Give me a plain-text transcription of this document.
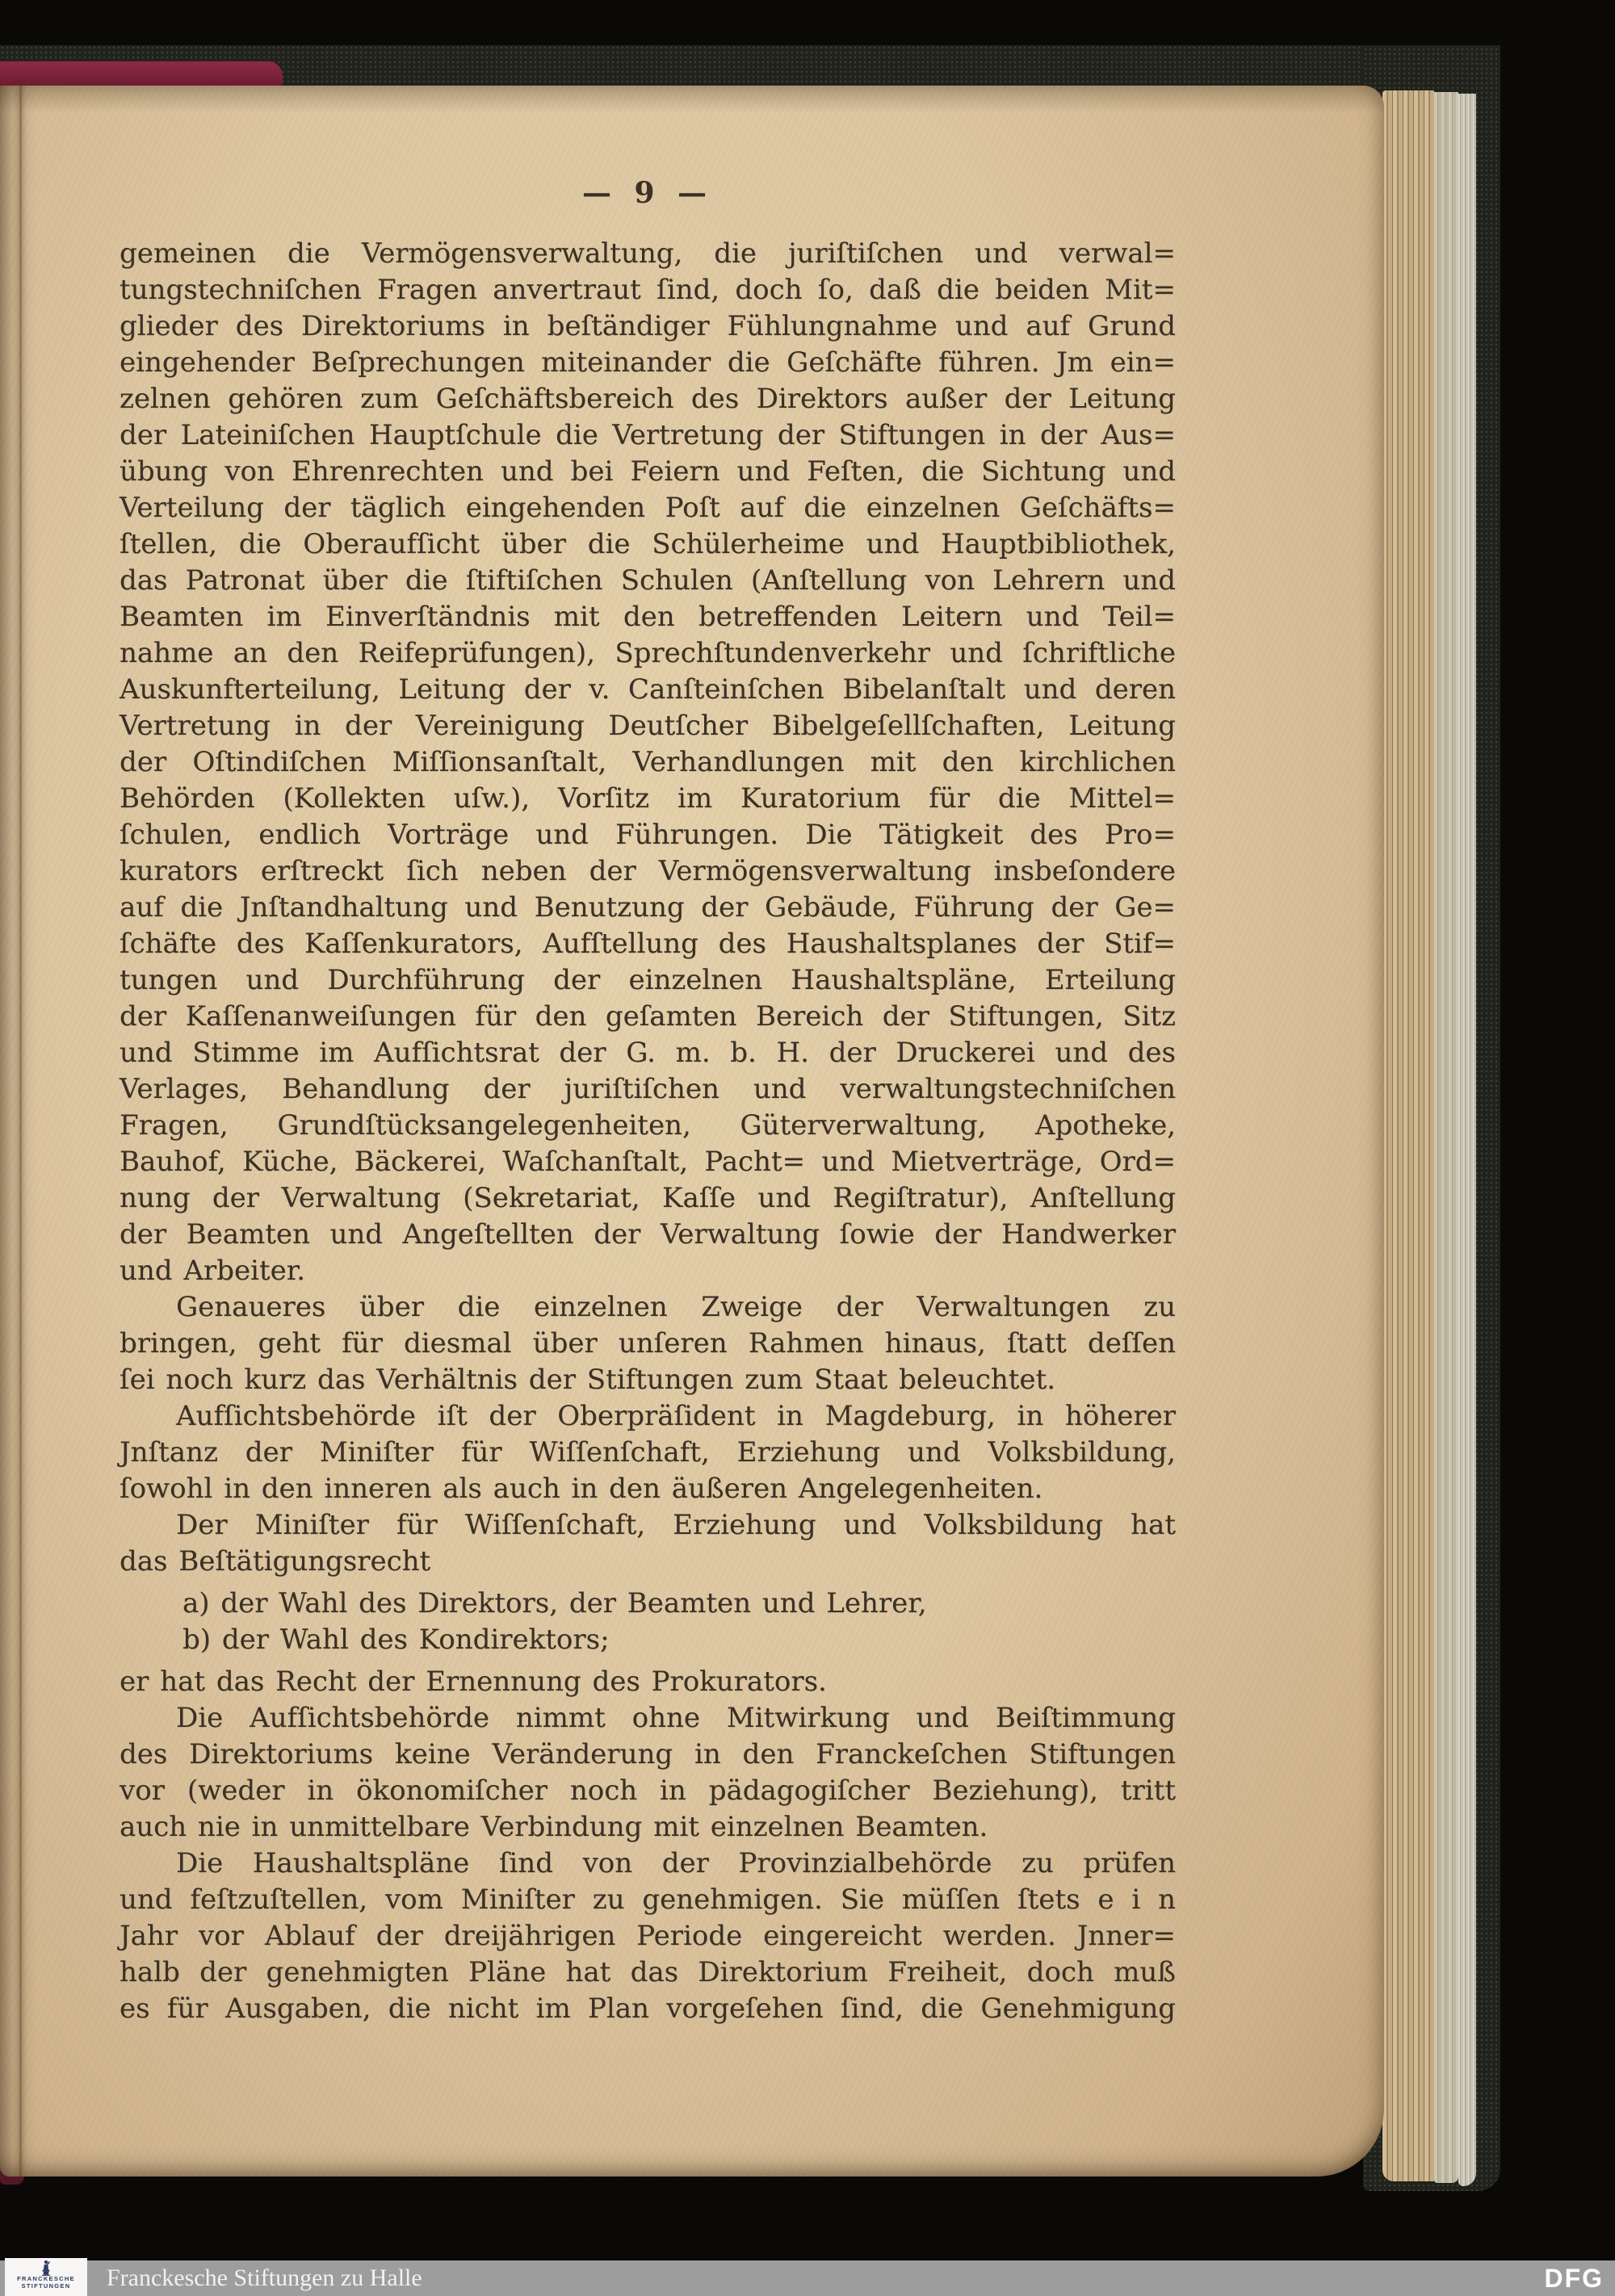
— 9 —
gemeinen die Vermögensverwaltung, die juriſtiſchen und verwal=
tungstechniſchen Fragen anvertraut ſind, doch ſo, daß die beiden Mit=
glieder des Direktoriums in beſtändiger Fühlungnahme und auf Grund
eingehender Beſprechungen miteinander die Geſchäfte führen. Jm ein=
zelnen gehören zum Geſchäftsbereich des Direktors außer der Leitung
der Lateiniſchen Hauptſchule die Vertretung der Stiftungen in der Aus=
übung von Ehrenrechten und bei Feiern und Feſten, die Sichtung und
Verteilung der täglich eingehenden Poſt auf die einzelnen Geſchäfts=
ſtellen, die Oberaufſicht über die Schülerheime und Hauptbibliothek,
das Patronat über die ſtiftiſchen Schulen (Anſtellung von Lehrern und
Beamten im Einverſtändnis mit den betreffenden Leitern und Teil=
nahme an den Reifeprüfungen), Sprechſtundenverkehr und ſchriftliche
Auskunfterteilung, Leitung der v. Canſteinſchen Bibelanſtalt und deren
Vertretung in der Vereinigung Deutſcher Bibelgeſellſchaften, Leitung
der Oſtindiſchen Miſſionsanſtalt, Verhandlungen mit den kirchlichen
Behörden (Kollekten uſw.), Vorſitz im Kuratorium für die Mittel=
ſchulen, endlich Vorträge und Führungen. Die Tätigkeit des Pro=
kurators erſtreckt ſich neben der Vermögensverwaltung insbeſondere
auf die Jnſtandhaltung und Benutzung der Gebäude, Führung der Ge=
ſchäfte des Kaſſenkurators, Aufſtellung des Haushaltsplanes der Stif=
tungen und Durchführung der einzelnen Haushaltspläne, Erteilung
der Kaſſenanweiſungen für den geſamten Bereich der Stiftungen, Sitz
und Stimme im Aufſichtsrat der G. m. b. H. der Druckerei und des
Verlages, Behandlung der juriſtiſchen und verwaltungstechniſchen
Fragen, Grundſtücksangelegenheiten, Güterverwaltung, Apotheke,
Bauhof, Küche, Bäckerei, Waſchanſtalt, Pacht= und Mietverträge, Ord=
nung der Verwaltung (Sekretariat, Kaſſe und Regiſtratur), Anſtellung
der Beamten und Angeſtellten der Verwaltung ſowie der Handwerker
und Arbeiter.
Genaueres über die einzelnen Zweige der Verwaltungen zu
bringen, geht für diesmal über unſeren Rahmen hinaus, ſtatt deſſen
ſei noch kurz das Verhältnis der Stiftungen zum Staat beleuchtet.
Aufſichtsbehörde iſt der Oberpräſident in Magdeburg, in höherer
Jnſtanz der Miniſter für Wiſſenſchaft, Erziehung und Volksbildung,
ſowohl in den inneren als auch in den äußeren Angelegenheiten.
Der Miniſter für Wiſſenſchaft, Erziehung und Volksbildung hat
das Beſtätigungsrecht
a) der Wahl des Direktors, der Beamten und Lehrer,
b) der Wahl des Kondirektors;
er hat das Recht der Ernennung des Prokurators.
Die Aufſichtsbehörde nimmt ohne Mitwirkung und Beiſtimmung
des Direktoriums keine Veränderung in den Franckeſchen Stiftungen
vor (weder in ökonomiſcher noch in pädagogiſcher Beziehung), tritt
auch nie in unmittelbare Verbindung mit einzelnen Beamten.
Die Haushaltspläne ſind von der Provinzialbehörde zu prüfen
und feſtzuſtellen, vom Miniſter zu genehmigen. Sie müſſen ſtets e i n
Jahr vor Ablauf der dreijährigen Periode eingereicht werden. Jnner=
halb der genehmigten Pläne hat das Direktorium Freiheit, doch muß
es für Ausgaben, die nicht im Plan vorgeſehen ſind, die Genehmigung
FRANCKESCHE
STIFTUNGEN Franckesche Stiftungen zu Halle	DFG
